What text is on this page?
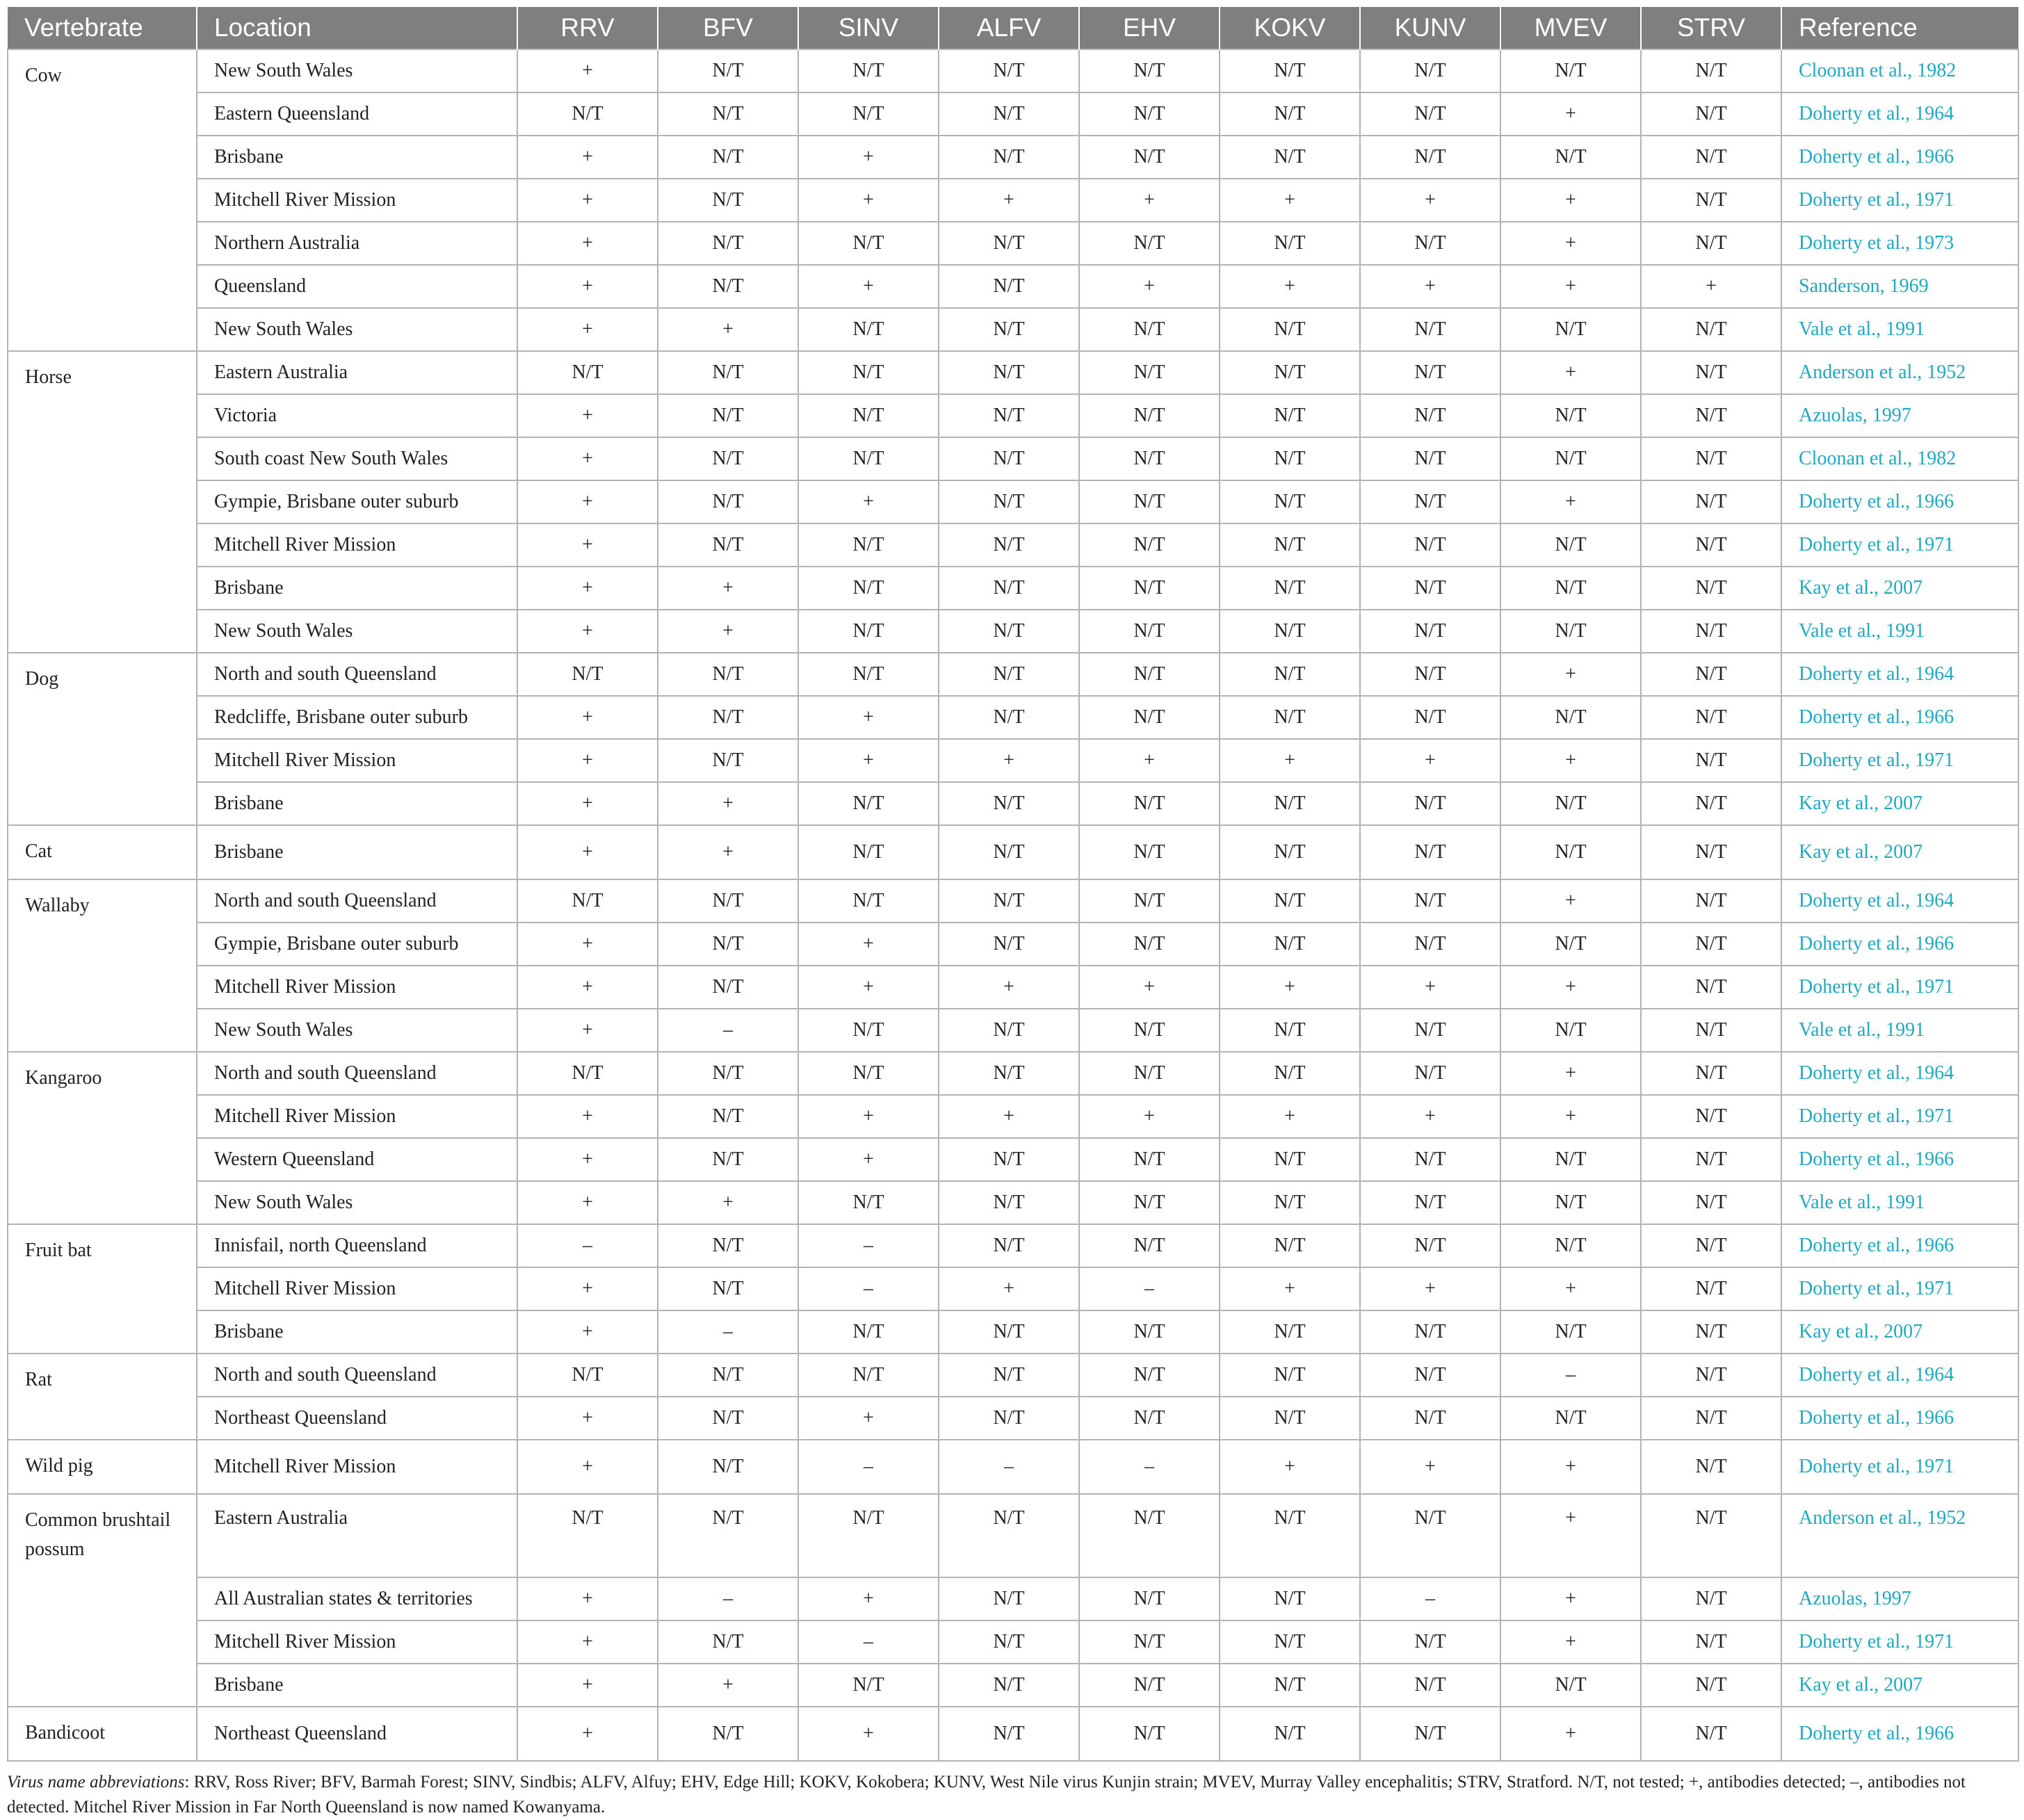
Vertebrate	Location	RRV	BFV	SINV	ALFV	EHV	KOKV	KUNV	MVEV	STRV	Reference
Cow	New South Wales	+	N/T	N/T	N/T	N/T	N/T	N/T	N/T	N/T	Cloonan et al., 1982
	Eastern Queensland	N/T	N/T	N/T	N/T	N/T	N/T	N/T	+	N/T	Doherty et al., 1964
	Brisbane	+	N/T	+	N/T	N/T	N/T	N/T	N/T	N/T	Doherty et al., 1966
	Mitchell River Mission	+	N/T	+	+	+	+	+	+	N/T	Doherty et al., 1971
	Northern Australia	+	N/T	N/T	N/T	N/T	N/T	N/T	+	N/T	Doherty et al., 1973
	Queensland	+	N/T	+	N/T	+	+	+	+	+	Sanderson, 1969
	New South Wales	+	+	N/T	N/T	N/T	N/T	N/T	N/T	N/T	Vale et al., 1991
Horse	Eastern Australia	N/T	N/T	N/T	N/T	N/T	N/T	N/T	+	N/T	Anderson et al., 1952
	Victoria	+	N/T	N/T	N/T	N/T	N/T	N/T	N/T	N/T	Azuolas, 1997
	South coast New South Wales	+	N/T	N/T	N/T	N/T	N/T	N/T	N/T	N/T	Cloonan et al., 1982
	Gympie, Brisbane outer suburb	+	N/T	+	N/T	N/T	N/T	N/T	+	N/T	Doherty et al., 1966
	Mitchell River Mission	+	N/T	N/T	N/T	N/T	N/T	N/T	N/T	N/T	Doherty et al., 1971
	Brisbane	+	+	N/T	N/T	N/T	N/T	N/T	N/T	N/T	Kay et al., 2007
	New South Wales	+	+	N/T	N/T	N/T	N/T	N/T	N/T	N/T	Vale et al., 1991
Dog	North and south Queensland	N/T	N/T	N/T	N/T	N/T	N/T	N/T	+	N/T	Doherty et al., 1964
	Redcliffe, Brisbane outer suburb	+	N/T	+	N/T	N/T	N/T	N/T	N/T	N/T	Doherty et al., 1966
	Mitchell River Mission	+	N/T	+	+	+	+	+	+	N/T	Doherty et al., 1971
	Brisbane	+	+	N/T	N/T	N/T	N/T	N/T	N/T	N/T	Kay et al., 2007
Cat	Brisbane	+	+	N/T	N/T	N/T	N/T	N/T	N/T	N/T	Kay et al., 2007
Wallaby	North and south Queensland	N/T	N/T	N/T	N/T	N/T	N/T	N/T	+	N/T	Doherty et al., 1964
	Gympie, Brisbane outer suburb	+	N/T	+	N/T	N/T	N/T	N/T	N/T	N/T	Doherty et al., 1966
	Mitchell River Mission	+	N/T	+	+	+	+	+	+	N/T	Doherty et al., 1971
	New South Wales	+	–	N/T	N/T	N/T	N/T	N/T	N/T	N/T	Vale et al., 1991
Kangaroo	North and south Queensland	N/T	N/T	N/T	N/T	N/T	N/T	N/T	+	N/T	Doherty et al., 1964
	Mitchell River Mission	+	N/T	+	+	+	+	+	+	N/T	Doherty et al., 1971
	Western Queensland	+	N/T	+	N/T	N/T	N/T	N/T	N/T	N/T	Doherty et al., 1966
	New South Wales	+	+	N/T	N/T	N/T	N/T	N/T	N/T	N/T	Vale et al., 1991
Fruit bat	Innisfail, north Queensland	–	N/T	–	N/T	N/T	N/T	N/T	N/T	N/T	Doherty et al., 1966
	Mitchell River Mission	+	N/T	–	+	–	+	+	+	N/T	Doherty et al., 1971
	Brisbane	+	–	N/T	N/T	N/T	N/T	N/T	N/T	N/T	Kay et al., 2007
Rat	North and south Queensland	N/T	N/T	N/T	N/T	N/T	N/T	N/T	–	N/T	Doherty et al., 1964
	Northeast Queensland	+	N/T	+	N/T	N/T	N/T	N/T	N/T	N/T	Doherty et al., 1966
Wild pig	Mitchell River Mission	+	N/T	–	–	–	+	+	+	N/T	Doherty et al., 1971
Common brushtail possum	Eastern Australia	N/T	N/T	N/T	N/T	N/T	N/T	N/T	+	N/T	Anderson et al., 1952
	All Australian states & territories	+	–	+	N/T	N/T	N/T	–	+	N/T	Azuolas, 1997
	Mitchell River Mission	+	N/T	–	N/T	N/T	N/T	N/T	+	N/T	Doherty et al., 1971
	Brisbane	+	+	N/T	N/T	N/T	N/T	N/T	N/T	N/T	Kay et al., 2007
Bandicoot	Northeast Queensland	+	N/T	+	N/T	N/T	N/T	N/T	+	N/T	Doherty et al., 1966
Virus name abbreviations: RRV, Ross River; BFV, Barmah Forest; SINV, Sindbis; ALFV, Alfuy; EHV, Edge Hill; KOKV, Kokobera; KUNV, West Nile virus Kunjin strain; MVEV, Murray Valley encephalitis; STRV, Stratford. N/T, not tested; +, antibodies detected; –, antibodies not detected. Mitchel River Mission in Far North Queensland is now named Kowanyama.
